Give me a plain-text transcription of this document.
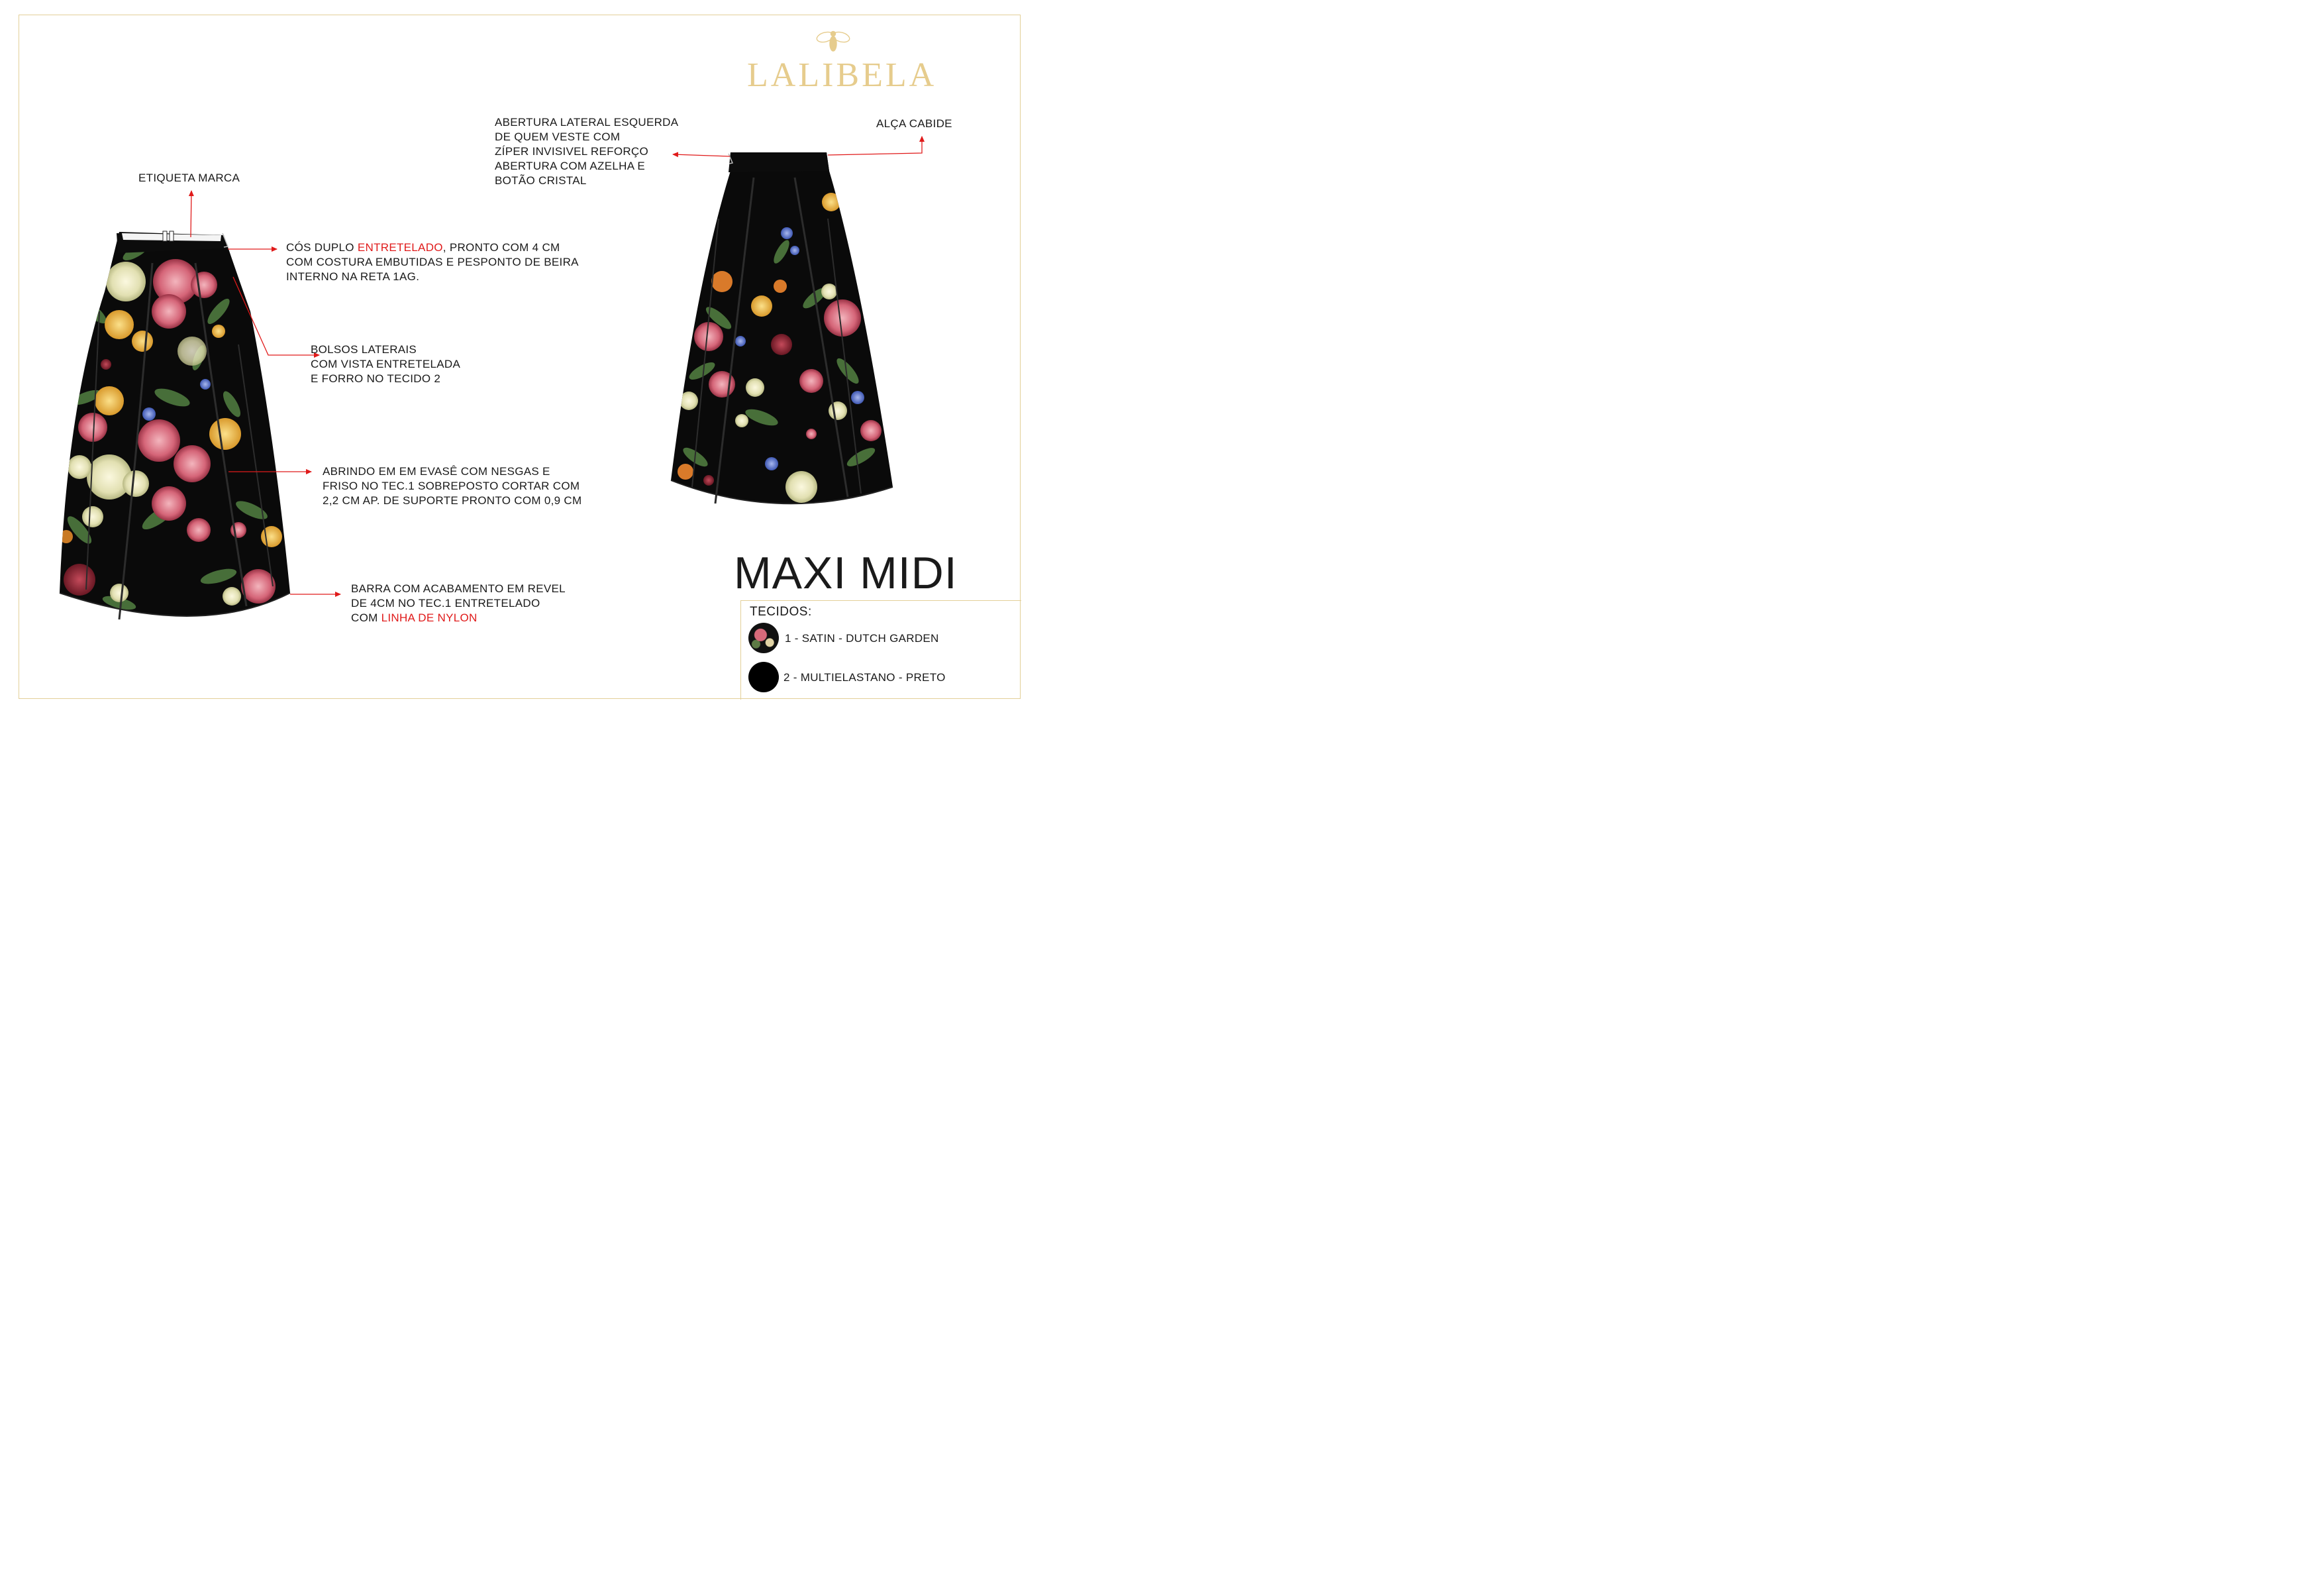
LALIBELA
ETIQUETA MARCA
CÓS DUPLO ENTRETELADO, PRONTO COM 4 CM
COM COSTURA EMBUTIDAS E PESPONTO DE BEIRA
INTERNO NA RETA 1AG.
BOLSOS LATERAIS
COM VISTA ENTRETELADA
E FORRO NO TECIDO 2
ABRINDO EM EM EVASÊ COM NESGAS E
FRISO NO TEC.1 SOBREPOSTO CORTAR COM
2,2 CM AP. DE SUPORTE PRONTO COM 0,9 CM
BARRA COM ACABAMENTO EM REVEL
DE 4CM NO TEC.1 ENTRETELADO
COM LINHA DE NYLON
ABERTURA LATERAL ESQUERDA
DE QUEM VESTE COM
ZÍPER INVISIVEL REFORÇO
ABERTURA COM AZELHA E
BOTÃO CRISTAL
ALÇA CABIDE
MAXI MIDI
TECIDOS:
1 - SATIN - DUTCH GARDEN
2 - MULTIELASTANO - PRETO
